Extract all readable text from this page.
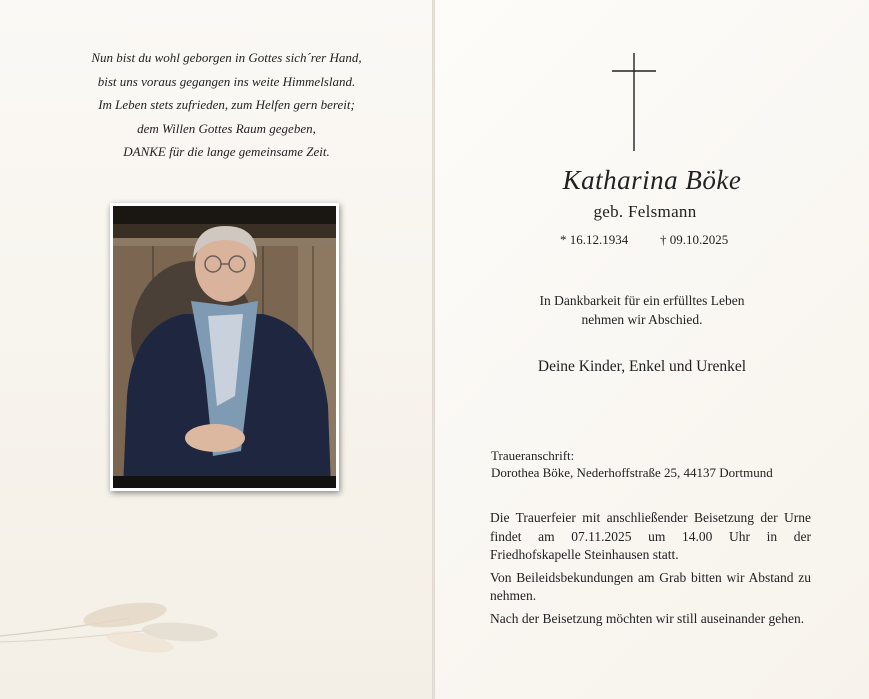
Nun bist du wohl geborgen in Gottes sich´rer Hand,
bist uns voraus gegangen ins weite Himmelsland.
Im Leben stets zufrieden, zum Helfen gern bereit;
dem Willen Gottes Raum gegeben,
DANKE für die lange gemeinsame Zeit.
Katharina Böke
geb. Felsmann
* 16.12.1934 † 09.10.2025
In Dankbarkeit für ein erfülltes Leben
nehmen wir Abschied.
Deine Kinder, Enkel und Urenkel
Traueranschrift:
Dorothea Böke, Nederhoffstraße 25, 44137 Dortmund

Die Trauerfeier mit anschließender Beisetzung der Urne findet am 07.11.2025 um 14.00 Uhr in der Friedhofskapelle Steinhausen statt.

Von Beileidsbekundungen am Grab bitten wir Abstand zu nehmen.

Nach der Beisetzung möchten wir still auseinander gehen.
